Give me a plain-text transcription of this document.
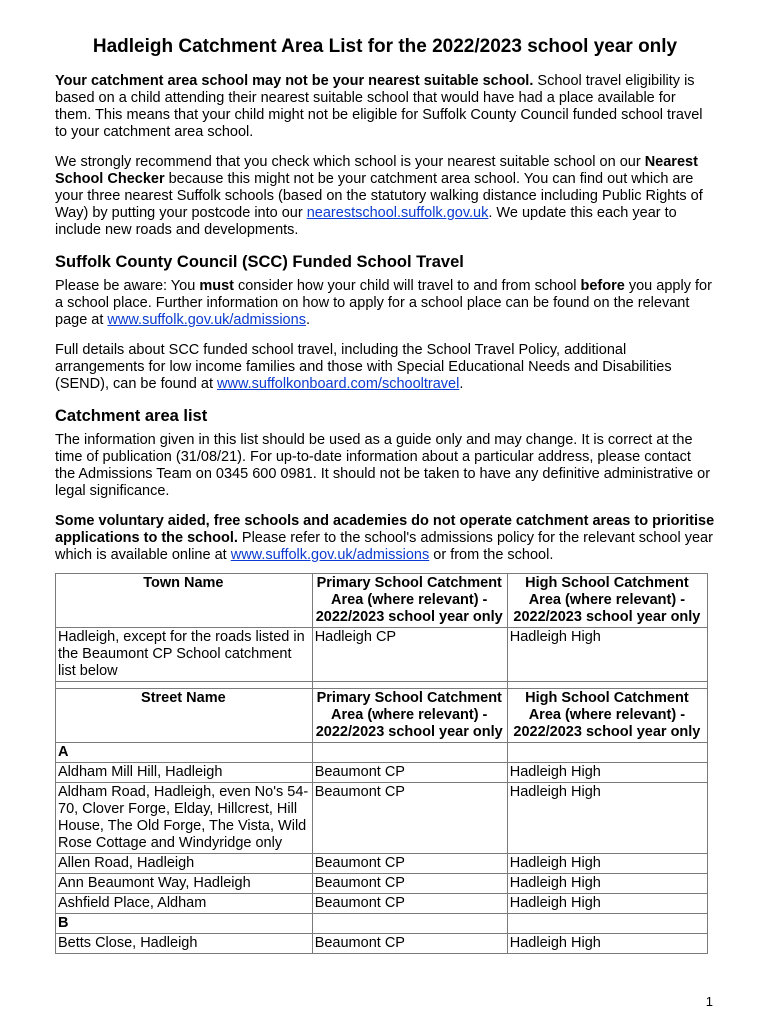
Hadleigh Catchment Area List for the 2022/2023 school year only

Your catchment area school may not be your nearest suitable school. School travel eligibility is based on a child attending their nearest suitable school that would have had a place available for them. This means that your child might not be eligible for Suffolk County Council funded school travel to your catchment area school.

We strongly recommend that you check which school is your nearest suitable school on our Nearest School Checker because this might not be your catchment area school. You can find out which are your three nearest Suffolk schools (based on the statutory walking distance including Public Rights of Way) by putting your postcode into our nearestschool.suffolk.gov.uk. We update this each year to include new roads and developments.

Suffolk County Council (SCC) Funded School Travel

Please be aware: You must consider how your child will travel to and from school before you apply for a school place. Further information on how to apply for a school place can be found on the relevant page at www.suffolk.gov.uk/admissions.

Full details about SCC funded school travel, including the School Travel Policy, additional arrangements for low income families and those with Special Educational Needs and Disabilities (SEND), can be found at www.suffolkonboard.com/schooltravel.

Catchment area list

The information given in this list should be used as a guide only and may change. It is correct at the time of publication (31/08/21). For up-to-date information about a particular address, please contact the Admissions Team on 0345 600 0981. It should not be taken to have any definitive administrative or legal significance.

Some voluntary aided, free schools and academies do not operate catchment areas to prioritise applications to the school. Please refer to the school's admissions policy for the relevant school year which is available online at www.suffolk.gov.uk/admissions or from the school.

Town Name	Primary School Catchment Area (where relevant) - 2022/2023 school year only	High School Catchment Area (where relevant) - 2022/2023 school year only
Hadleigh, except for the roads listed in the Beaumont CP School catchment list below	Hadleigh CP	Hadleigh High

Street Name	Primary School Catchment Area (where relevant) - 2022/2023 school year only	High School Catchment Area (where relevant) - 2022/2023 school year only
A		
Aldham Mill Hill, Hadleigh	Beaumont CP	Hadleigh High
Aldham Road, Hadleigh, even No's 54-70, Clover Forge, Elday, Hillcrest, Hill House, The Old Forge, The Vista, Wild Rose Cottage and Windyridge only	Beaumont CP	Hadleigh High
Allen Road, Hadleigh	Beaumont CP	Hadleigh High
Ann Beaumont Way, Hadleigh	Beaumont CP	Hadleigh High
Ashfield Place, Aldham	Beaumont CP	Hadleigh High
B		
Betts Close, Hadleigh	Beaumont CP	Hadleigh High
1
